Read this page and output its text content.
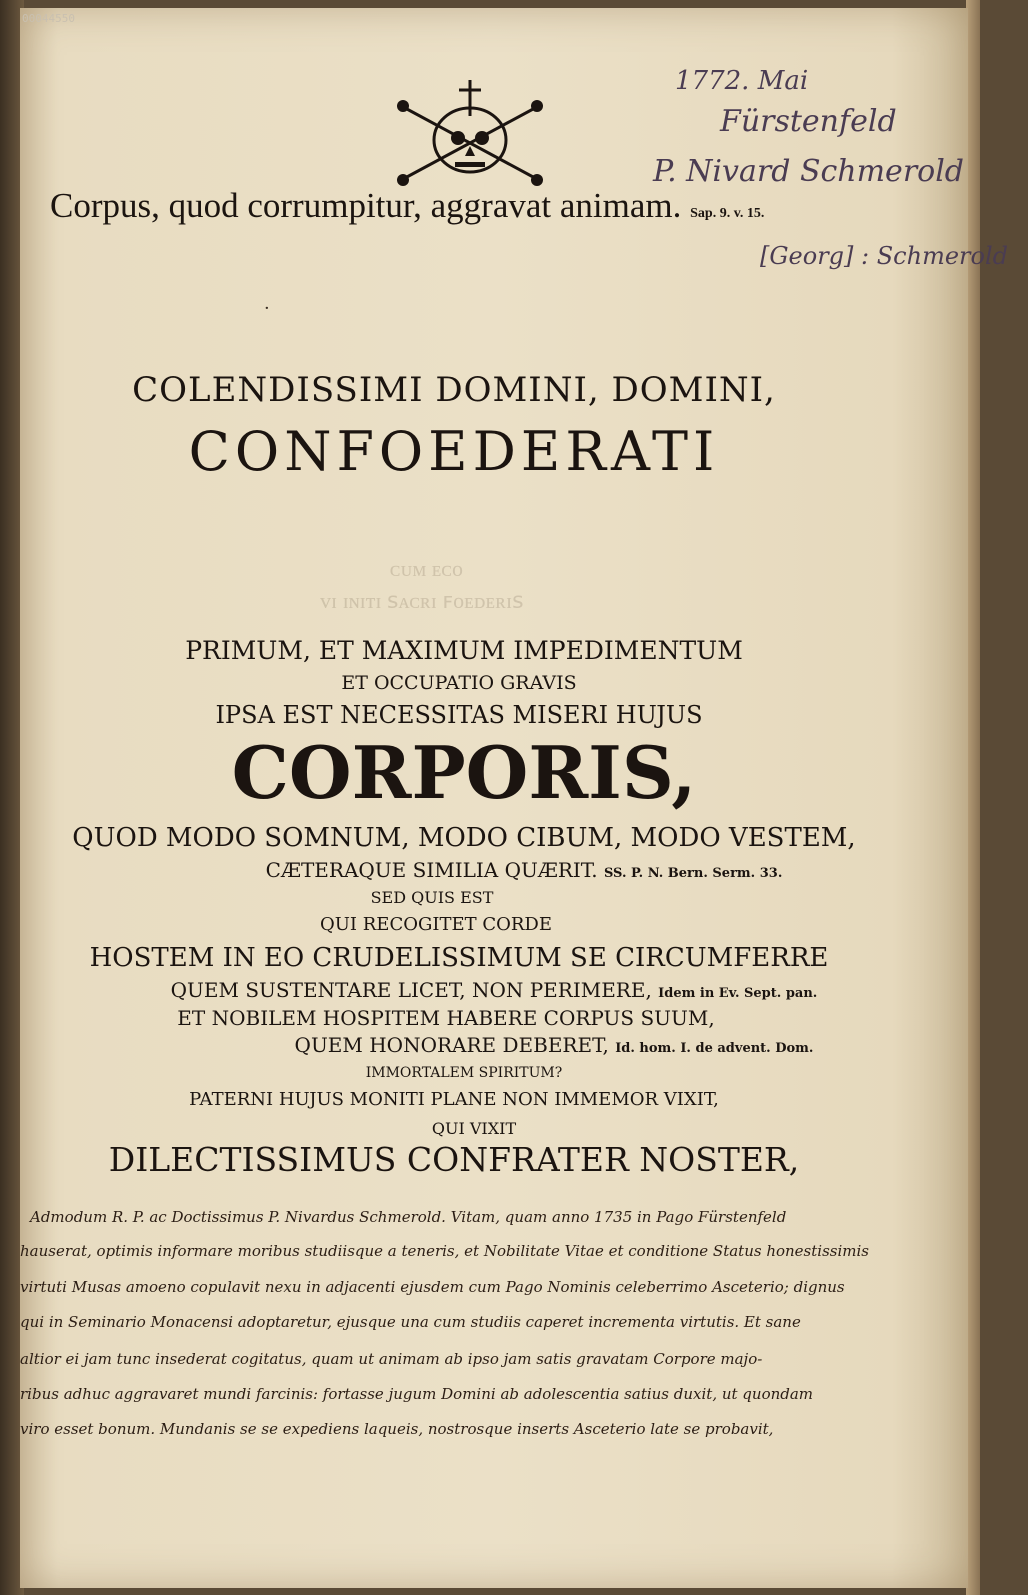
00044550
ᴄᴜᴍ ᴇᴄᴏ
ᴠɪ ɪɴɪᴛɪ ꜱᴀᴄʀɪ ꜰᴏᴇᴅᴇʀɪꜱ
Corpus, quod corrumpitur, aggravat animam. Sap. 9. v. 15.
1772. Mai
Fürstenfeld
P. Nivard Schmerold
[Georg] : Schmerold
·
COLENDISSIMI DOMINI, DOMINI,
CONFOEDERATI
PRIMUM, ET MAXIMUM IMPEDIMENTUM
ET OCCUPATIO GRAVIS
IPSA EST NECESSITAS MISERI HUJUS
CORPORIS,
QUOD MODO SOMNUM, MODO CIBUM, MODO VESTEM,
CÆTERAQUE SIMILIA QUÆRIT. SS. P. N. Bern. Serm. 33.
SED QUIS EST
QUI RECOGITET CORDE
HOSTEM IN EO CRUDELISSIMUM SE CIRCUMFERRE
QUEM SUSTENTARE LICET, NON PERIMERE, Idem in Ev. Sept. pan.
ET NOBILEM HOSPITEM HABERE CORPUS SUUM,
QUEM HONORARE DEBERET, Id. hom. I. de advent. Dom.
IMMORTALEM SPIRITUM?
PATERNI HUJUS MONITI PLANE NON IMMEMOR VIXIT,
QUI VIXIT
DILECTISSIMUS CONFRATER NOSTER,
Admodum R. P. ac Doctissimus P. Nivardus Schmerold. Vitam, quam anno 1735 in Pago Fürstenfeld
hauserat, optimis informare moribus studiisque a teneris, et Nobilitate Vitae et conditione Status honestissimis
virtuti Musas amoeno copulavit nexu in adjacenti ejusdem cum Pago Nominis celeberrimo Asceterio; dignus
qui in Seminario Monacensi adoptaretur, ejusque una cum studiis caperet incrementa virtutis. Et sane
altior ei jam tunc insederat cogitatus, quam ut animam ab ipso jam satis gravatam Corpore majo-
ribus adhuc aggravaret mundi farcinis: fortasse jugum Domini ab adolescentia satius duxit, ut quondam
viro esset bonum. Mundanis se se expediens laqueis, nostrosque inserts Asceterio late se probavit,
